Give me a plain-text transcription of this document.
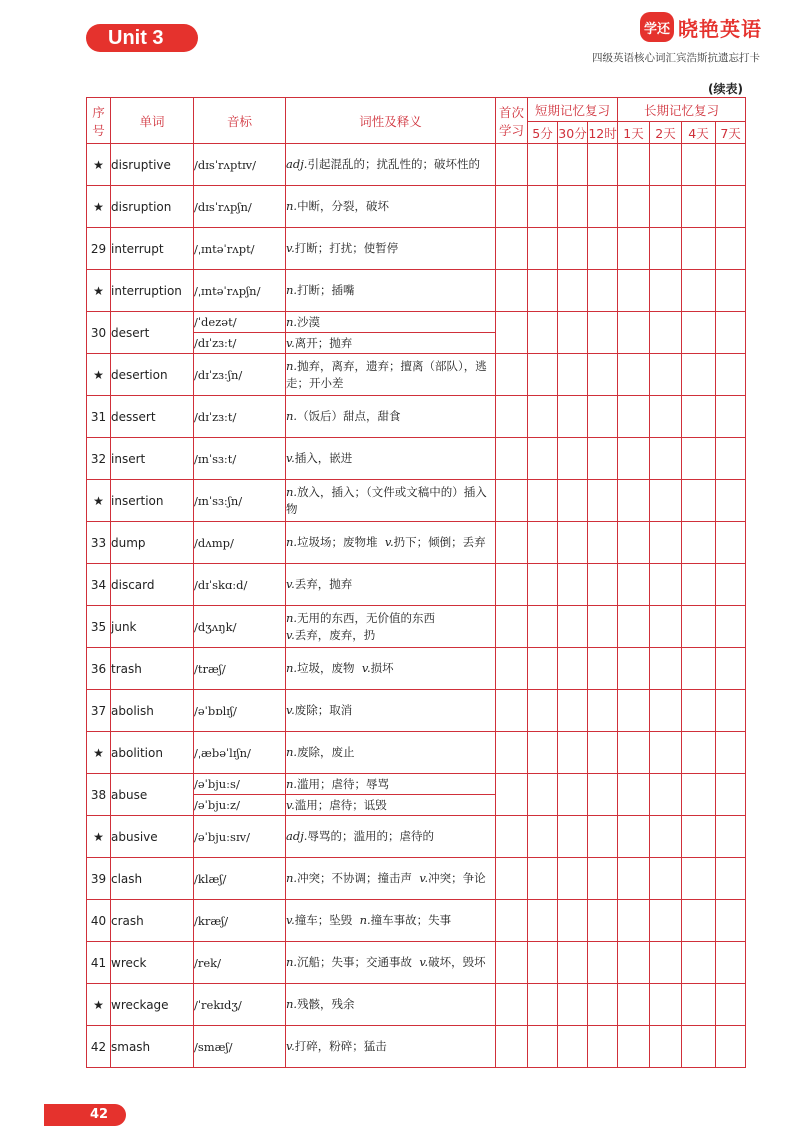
Unit 3	学还 晓艳英语
四级英语核心词汇宾浩斯抗遗忘打卡
(续表)
序号	单词	音标	词性及释义	首次学习	短期记忆复习			长期记忆复习			
					5分	30分	12时	1天	2天	4天	7天
★	disruptive	/dɪsˈrʌptɪv/	adj.引起混乱的；扰乱性的；破坏性的								
★	disruption	/dɪsˈrʌpʃn/	n.中断，分裂，破坏								
29	interrupt	/ˌɪntəˈrʌpt/	v.打断；打扰；使暂停								
★	interruption	/ˌɪntəˈrʌpʃn/	n.打断；插嘴								
30	desert	/ˈdezət/	n.沙漠								
		/dɪˈzɜːt/	v.离开；抛弃								
★	desertion	/dɪˈzɜːʃn/	n.抛弃，离弃，遗弃；擅离（部队），逃走；开小差								
31	dessert	/dɪˈzɜːt/	n.（饭后）甜点，甜食								
32	insert	/ɪnˈsɜːt/	v.插入，嵌进								
★	insertion	/ɪnˈsɜːʃn/	n.放入，插入；（文件或文稿中的）插入物								
33	dump	/dʌmp/	n.垃圾场；废物堆 v.扔下；倾倒；丢弃								
34	discard	/dɪˈskɑːd/	v.丢弃，抛弃								
35	junk	/dʒʌŋk/	n.无用的东西，无价值的东西
v.丢弃，废弃，扔								
36	trash	/træʃ/	n.垃圾，废物 v.损坏								
37	abolish	/əˈbɒlɪʃ/	v.废除；取消								
★	abolition	/ˌæbəˈlɪʃn/	n.废除，废止								
38	abuse	/əˈbjuːs/	n.滥用；虐待；辱骂								
		/əˈbjuːz/	v.滥用；虐待；诋毁								
★	abusive	/əˈbjuːsɪv/	adj.辱骂的；滥用的；虐待的								
39	clash	/klæʃ/	n.冲突；不协调；撞击声 v.冲突；争论								
40	crash	/kræʃ/	v.撞车；坠毁 n.撞车事故；失事								
41	wreck	/rek/	n.沉船；失事；交通事故 v.破坏，毁坏								
★	wreckage	/ˈrekɪdʒ/	n.残骸，残余								
42	smash	/smæʃ/	v.打碎，粉碎；猛击								
42
